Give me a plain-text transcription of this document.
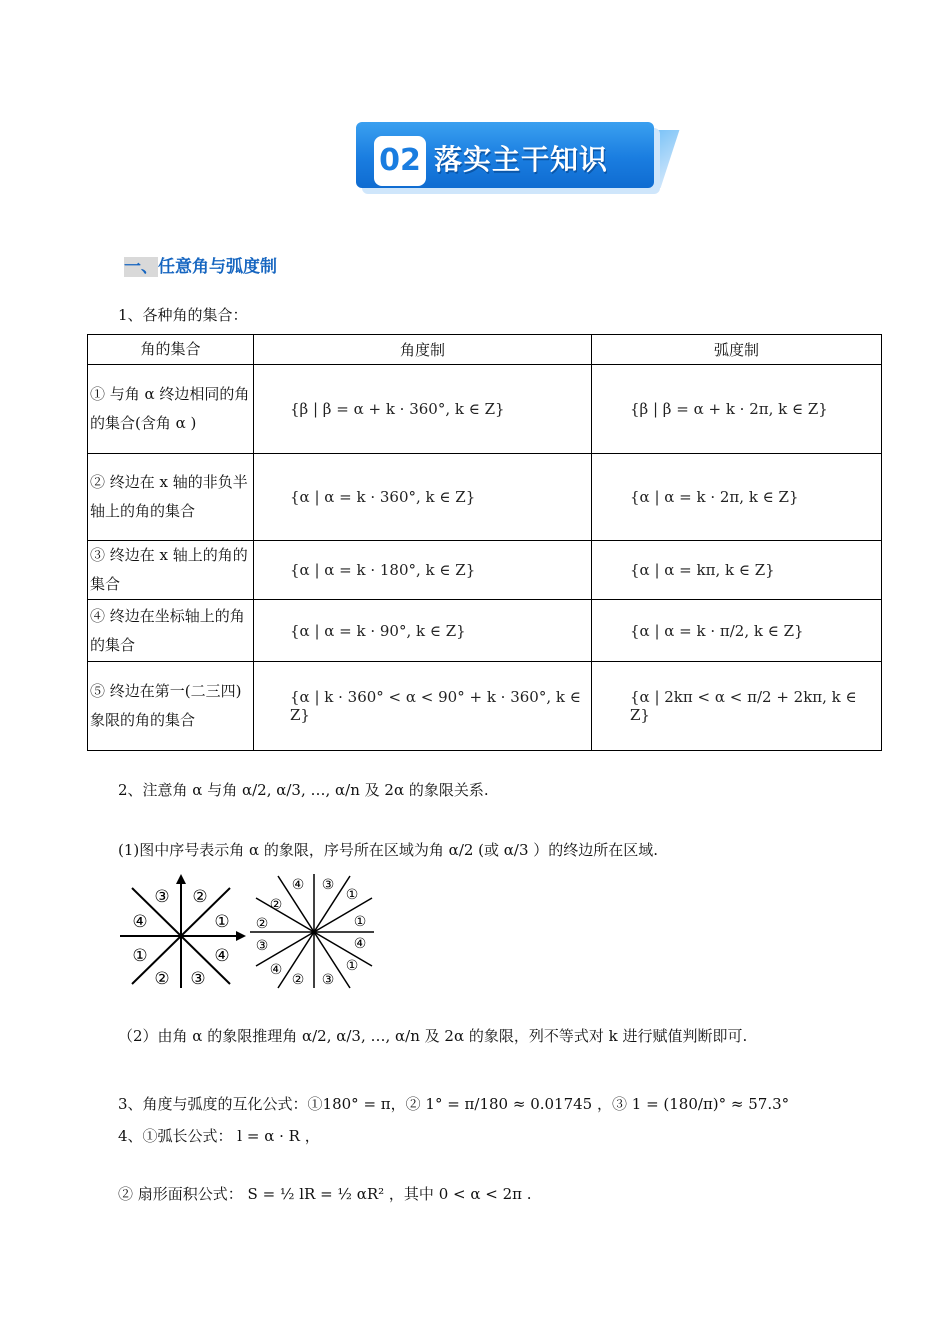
02 落实主干知识
一、任意角与弧度制
1、各种角的集合：
角的集合	角度制	弧度制
① 与角 α 终边相同的角的集合(含角 α )	{β | β = α + k · 360°, k ∈ Z}	{β | β = α + k · 2π, k ∈ Z}
② 终边在 x 轴的非负半轴上的角的集合	{α | α = k · 360°, k ∈ Z}	{α | α = k · 2π, k ∈ Z}
③ 终边在 x 轴上的角的集合	{α | α = k · 180°, k ∈ Z}	{α | α = kπ, k ∈ Z}
④ 终边在坐标轴上的角的集合	{α | α = k · 90°, k ∈ Z}	{α | α = k · π/2, k ∈ Z}
⑤ 终边在第一(二三四)象限的角的集合	{α | k · 360° < α < 90° + k · 360°, k ∈ Z}	{α | 2kπ < α < π/2 + 2kπ, k ∈ Z}
2、注意角 α 与角 α/2, α/3, …, α/n 及 2α 的象限关系.
(1)图中序号表示角 α 的象限，序号所在区域为角 α/2 (或 α/3 ）的终边所在区域.
③ ②
④	①
①	④
② ③
④ ③
②
①
②	①
③	④
④	①
② ③
（2）由角 α 的象限推理角 α/2, α/3, …, α/n 及 2α 的象限，列不等式对 k 进行赋值判断即可.
3、角度与弧度的互化公式：①180° = π，② 1° = π/180 ≈ 0.01745 ，③ 1 = (180/π)° ≈ 57.3°
4、①弧长公式： l = α · R ，
② 扇形面积公式： S = ½ lR = ½ αR² ，其中 0 < α < 2π .
